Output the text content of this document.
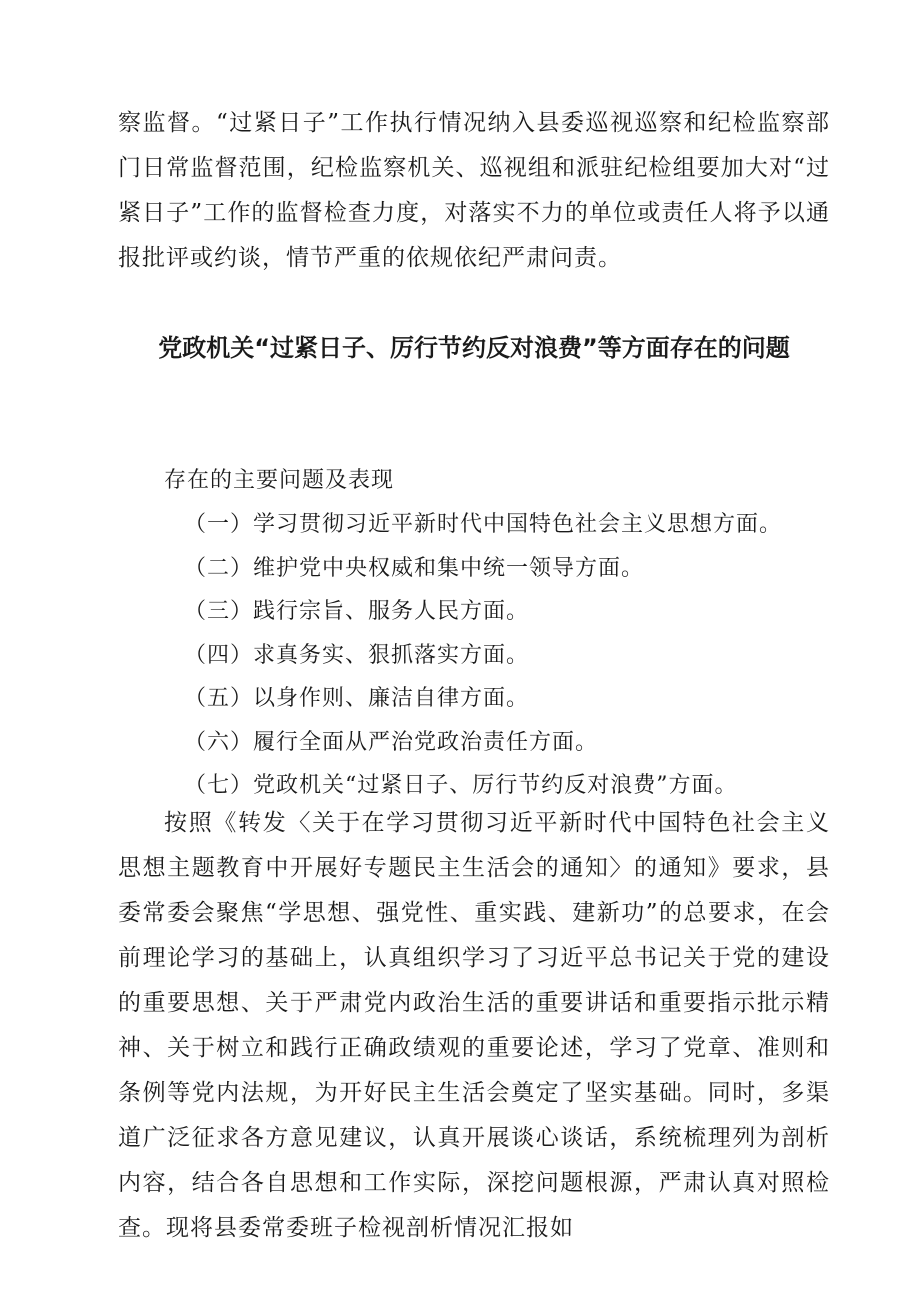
察监督。“过紧日子”工作执行情况纳入县委巡视巡察和纪检监察部门日常监督范围，纪检监察机关、巡视组和派驻纪检组要加大对“过紧日子”工作的监督检查力度，对落实不力的单位或责任人将予以通报批评或约谈，情节严重的依规依纪严肃问责。

党政机关“过紧日子、厉行节约反对浪费”等方面存在的问题

存在的主要问题及表现

（一）学习贯彻习近平新时代中国特色社会主义思想方面。
（二）维护党中央权威和集中统一领导方面。
（三）践行宗旨、服务人民方面。
（四）求真务实、狠抓落实方面。
（五）以身作则、廉洁自律方面。
（六）履行全面从严治党政治责任方面。
（七）党政机关“过紧日子、厉行节约反对浪费”方面。

按照《转发〈关于在学习贯彻习近平新时代中国特色社会主义思想主题教育中开展好专题民主生活会的通知〉的通知》要求，县委常委会聚焦“学思想、强党性、重实践、建新功”的总要求，在会前理论学习的基础上，认真组织学习了习近平总书记关于党的建设的重要思想、关于严肃党内政治生活的重要讲话和重要指示批示精神、关于树立和践行正确政绩观的重要论述，学习了党章、准则和条例等党内法规，为开好民主生活会奠定了坚实基础。同时，多渠道广泛征求各方意见建议，认真开展谈心谈话，系统梳理列为剖析内容，结合各自思想和工作实际，深挖问题根源，严肃认真对照检查。现将县委常委班子检视剖析情况汇报如
